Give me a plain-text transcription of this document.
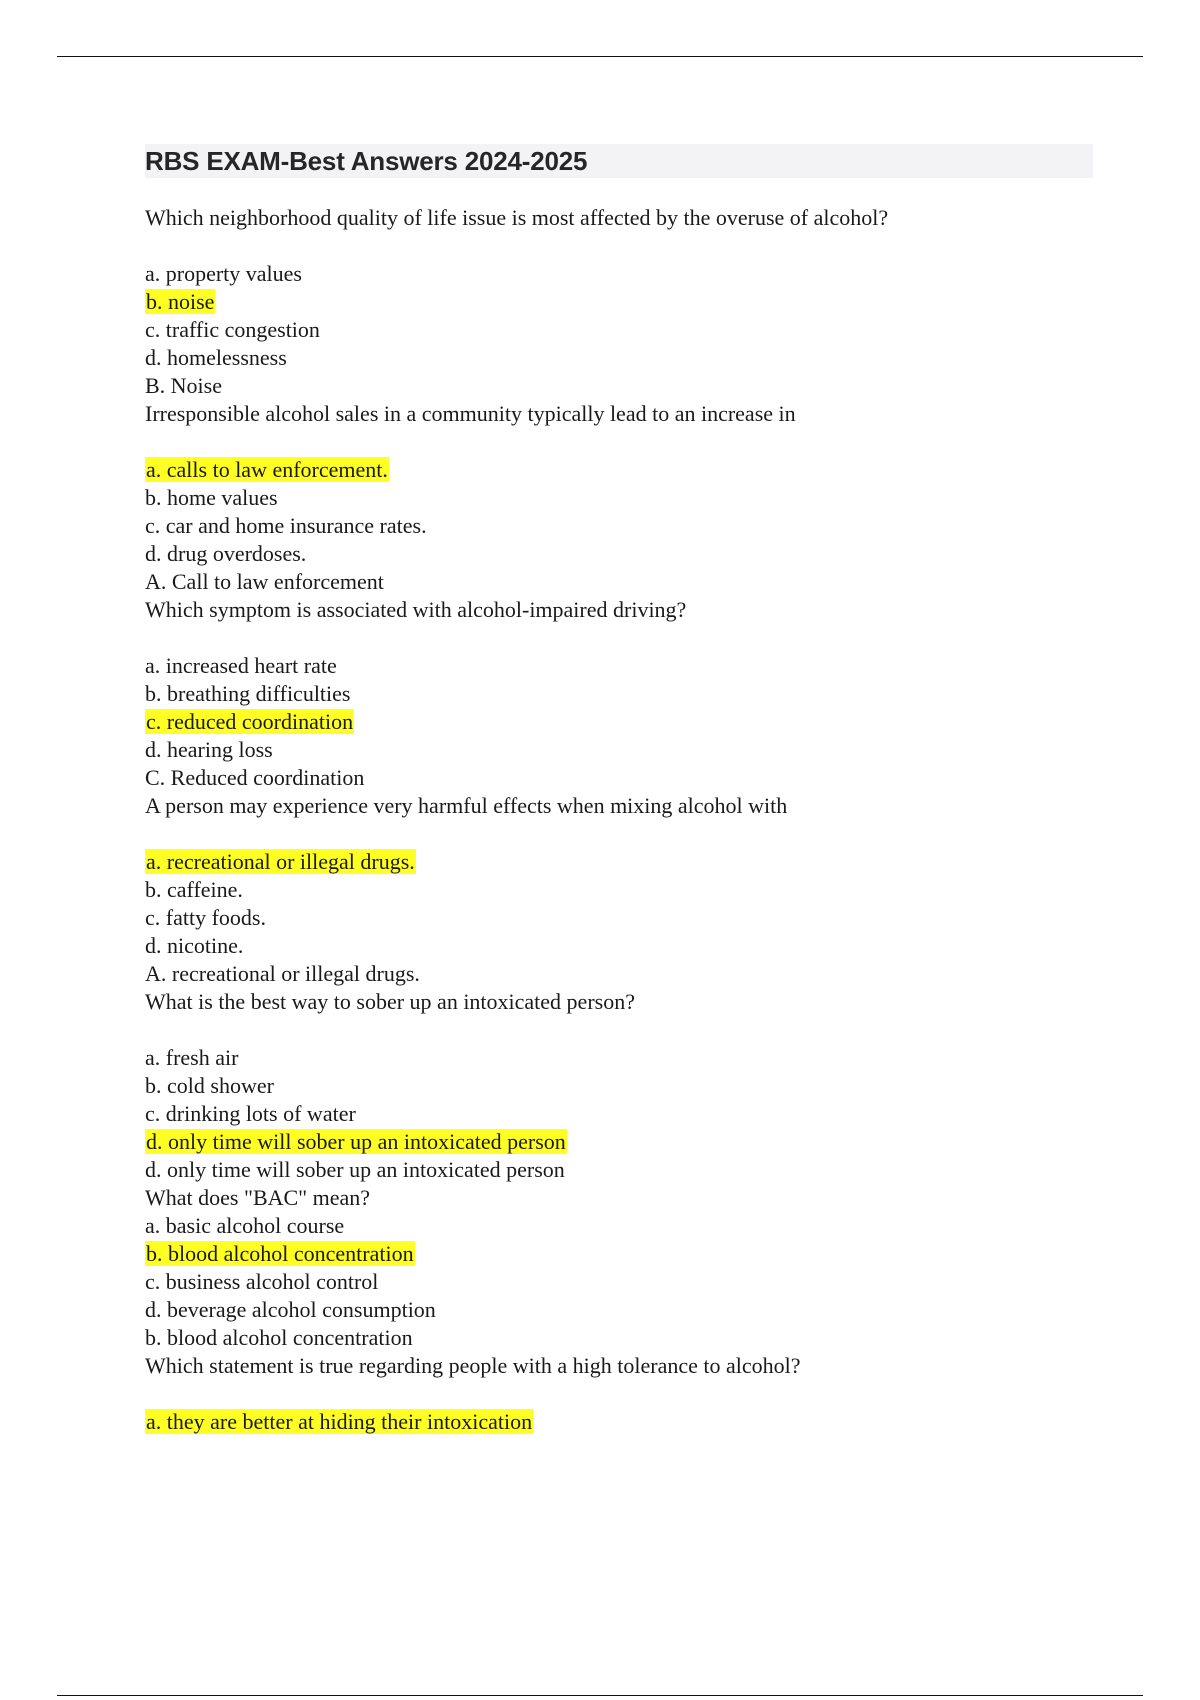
RBS EXAM-Best Answers 2024-2025
Which neighborhood quality of life issue is most affected by the overuse of alcohol?
a. property values
b. noise
c. traffic congestion
d. homelessness
B. Noise
Irresponsible alcohol sales in a community typically lead to an increase in
a. calls to law enforcement.
b. home values
c. car and home insurance rates.
d. drug overdoses.
A. Call to law enforcement
Which symptom is associated with alcohol-impaired driving?
a. increased heart rate
b. breathing difficulties
c. reduced coordination
d. hearing loss
C. Reduced coordination
A person may experience very harmful effects when mixing alcohol with
a. recreational or illegal drugs.
b. caffeine.
c. fatty foods.
d. nicotine.
A. recreational or illegal drugs.
What is the best way to sober up an intoxicated person?
a. fresh air
b. cold shower
c. drinking lots of water
d. only time will sober up an intoxicated person
d. only time will sober up an intoxicated person
What does "BAC" mean?
a. basic alcohol course
b. blood alcohol concentration
c. business alcohol control
d. beverage alcohol consumption
b. blood alcohol concentration
Which statement is true regarding people with a high tolerance to alcohol?
a. they are better at hiding their intoxication
